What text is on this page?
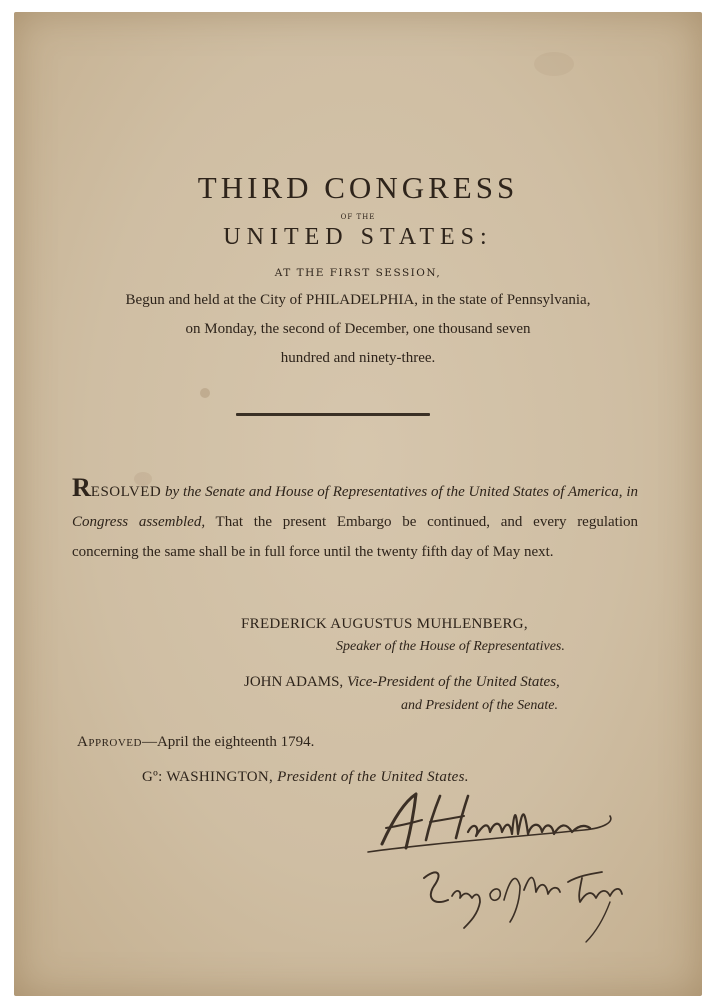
THIRD CONGRESS
OF THE
UNITED STATES:
AT THE FIRST SESSION,
Begun and held at the City of PHILADELPHIA, in the state of Pennsylvania,
on Monday, the second of December, one thousand seven
hundred and ninety-three.

RESOLVED by the Senate and House of Representatives of the United States of America, in Congress assembled, That the present Embargo be continued, and every regulation concerning the same shall be in full force until the twenty fifth day of May next.

FREDERICK AUGUSTUS MUHLENBERG,
Speaker of the House of Representatives.
JOHN ADAMS, Vice-President of the United States,
and President of the Senate.
Approved—April the eighteenth 1794.
Gº: WASHINGTON, President of the United States.
